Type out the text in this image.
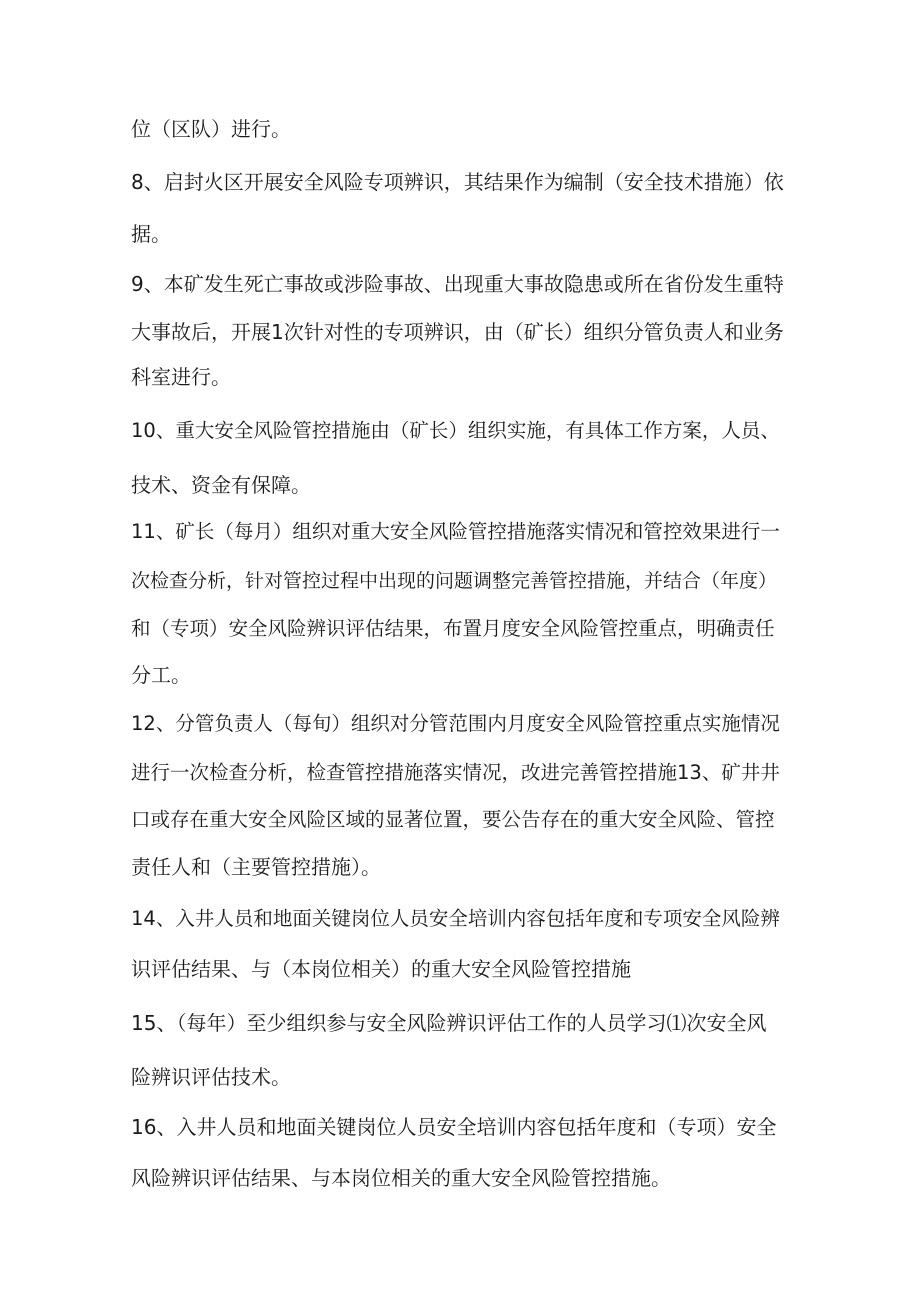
位（区队）进行。

8、启封火区开展安全风险专项辨识，其结果作为编制（安全技术措施）依

据。

9、本矿发生死亡事故或涉险事故、出现重大事故隐患或所在省份发生重特

大事故后，开展1次针对性的专项辨识，由（矿长）组织分管负责人和业务

科室进行。

10、重大安全风险管控措施由（矿长）组织实施，有具体工作方案，人员、

技术、资金有保障。

11、矿长（每月）组织对重大安全风险管控措施落实情况和管控效果进行一

次检查分析，针对管控过程中出现的问题调整完善管控措施，并结合（年度）

和（专项）安全风险辨识评估结果，布置月度安全风险管控重点，明确责任

分工。

12、分管负责人（每旬）组织对分管范围内月度安全风险管控重点实施情况

进行一次检查分析，检查管控措施落实情况，改进完善管控措施13、矿井井

口或存在重大安全风险区域的显著位置，要公告存在的重大安全风险、管控

责任人和（主要管控措施）。

14、入井人员和地面关键岗位人员安全培训内容包括年度和专项安全风险辨

识评估结果、与（本岗位相关）的重大安全风险管控措施

15、（每年）至少组织参与安全风险辨识评估工作的人员学习⑴次安全风

险辨识评估技术。

16、入井人员和地面关键岗位人员安全培训内容包括年度和（专项）安全

风险辨识评估结果、与本岗位相关的重大安全风险管控措施。
